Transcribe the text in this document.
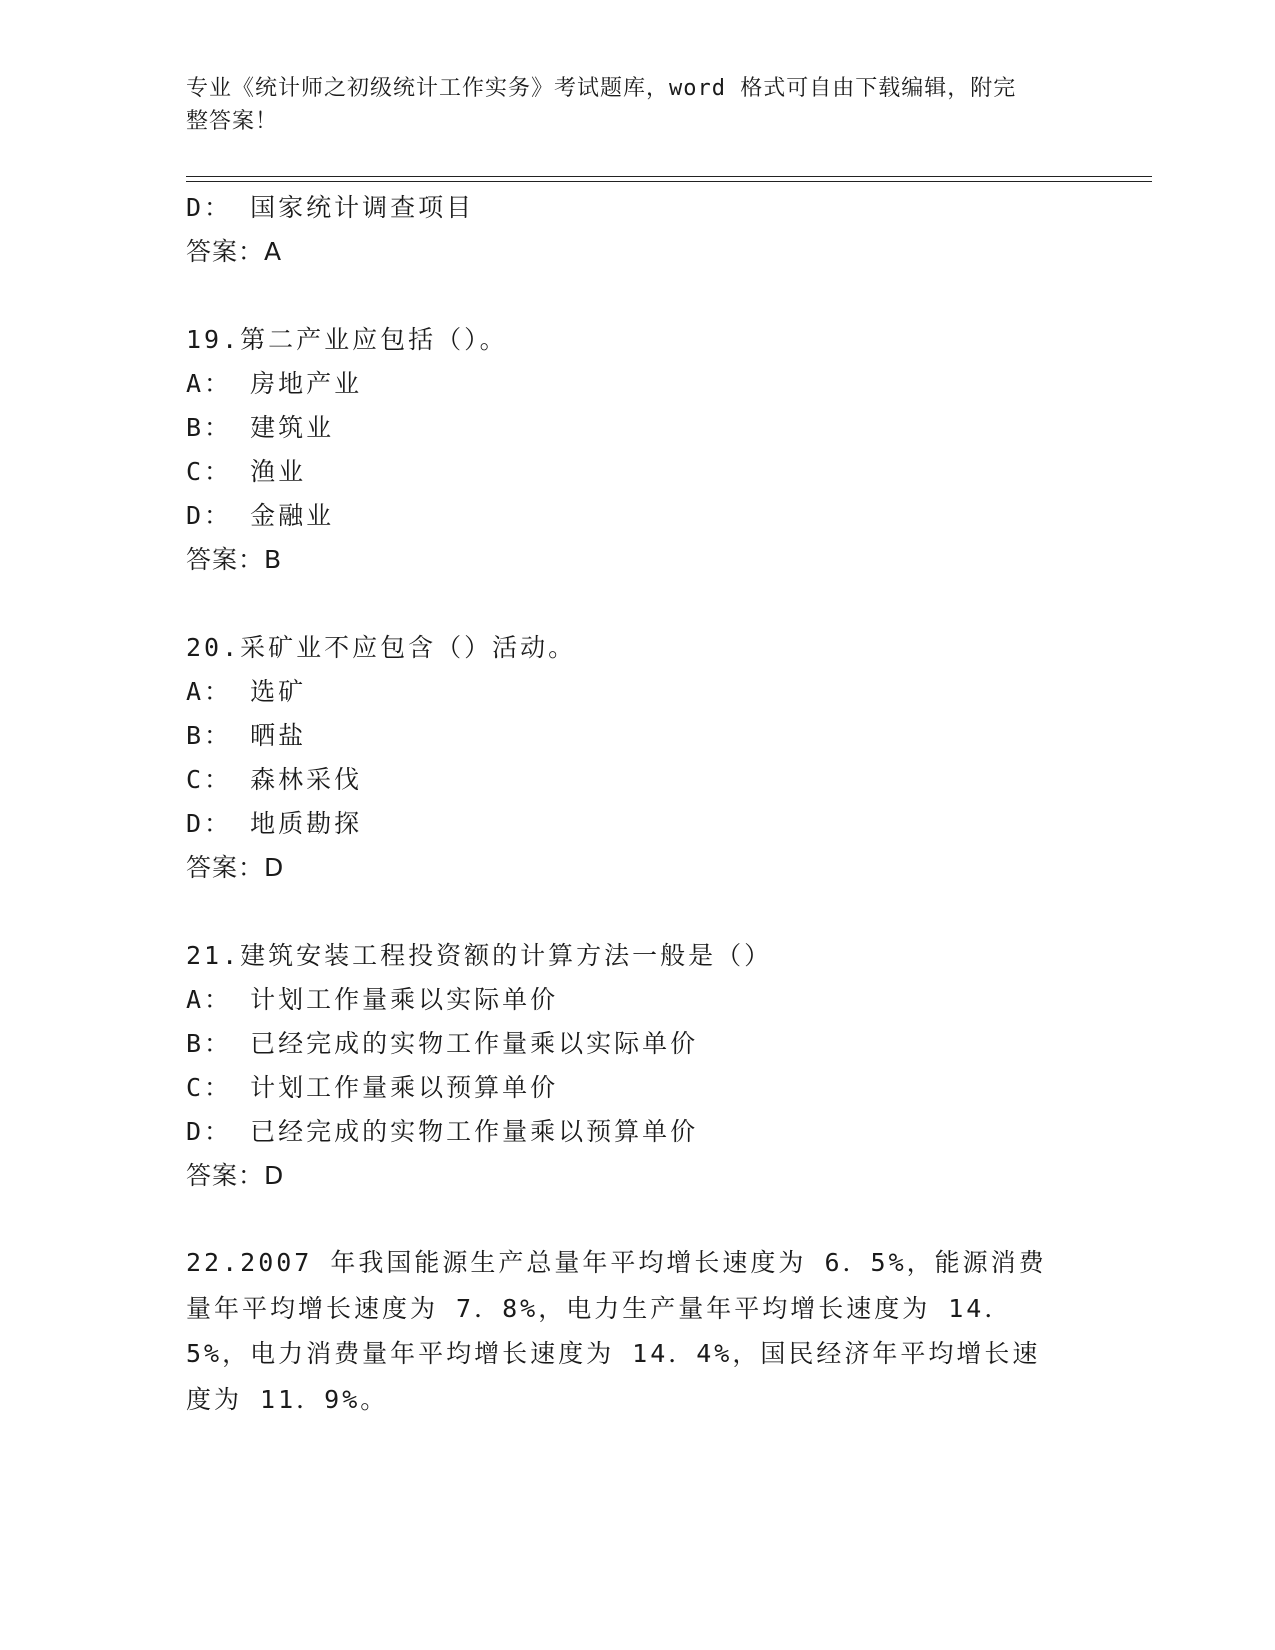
专业《统计师之初级统计工作实务》考试题库，word 格式可自由下载编辑，附完
整答案！
D： 国家统计调查项目
答案：A
19.第二产业应包括（）。
A： 房地产业
B： 建筑业
C： 渔业
D： 金融业
答案：B
20.采矿业不应包含（）活动。
A： 选矿
B： 晒盐
C： 森林采伐
D： 地质勘探
答案：D
21.建筑安装工程投资额的计算方法一般是（）
A： 计划工作量乘以实际单价
B： 已经完成的实物工作量乘以实际单价
C： 计划工作量乘以预算单价
D： 已经完成的实物工作量乘以预算单价
答案：D
22.2007 年我国能源生产总量年平均增长速度为 6．5%，能源消费量年平均增长速度为 7．8%，电力生产量年平均增长速度为 14．5%，电力消费量年平均增长速度为 14．4%，国民经济年平均增长速度为 11．9%。
